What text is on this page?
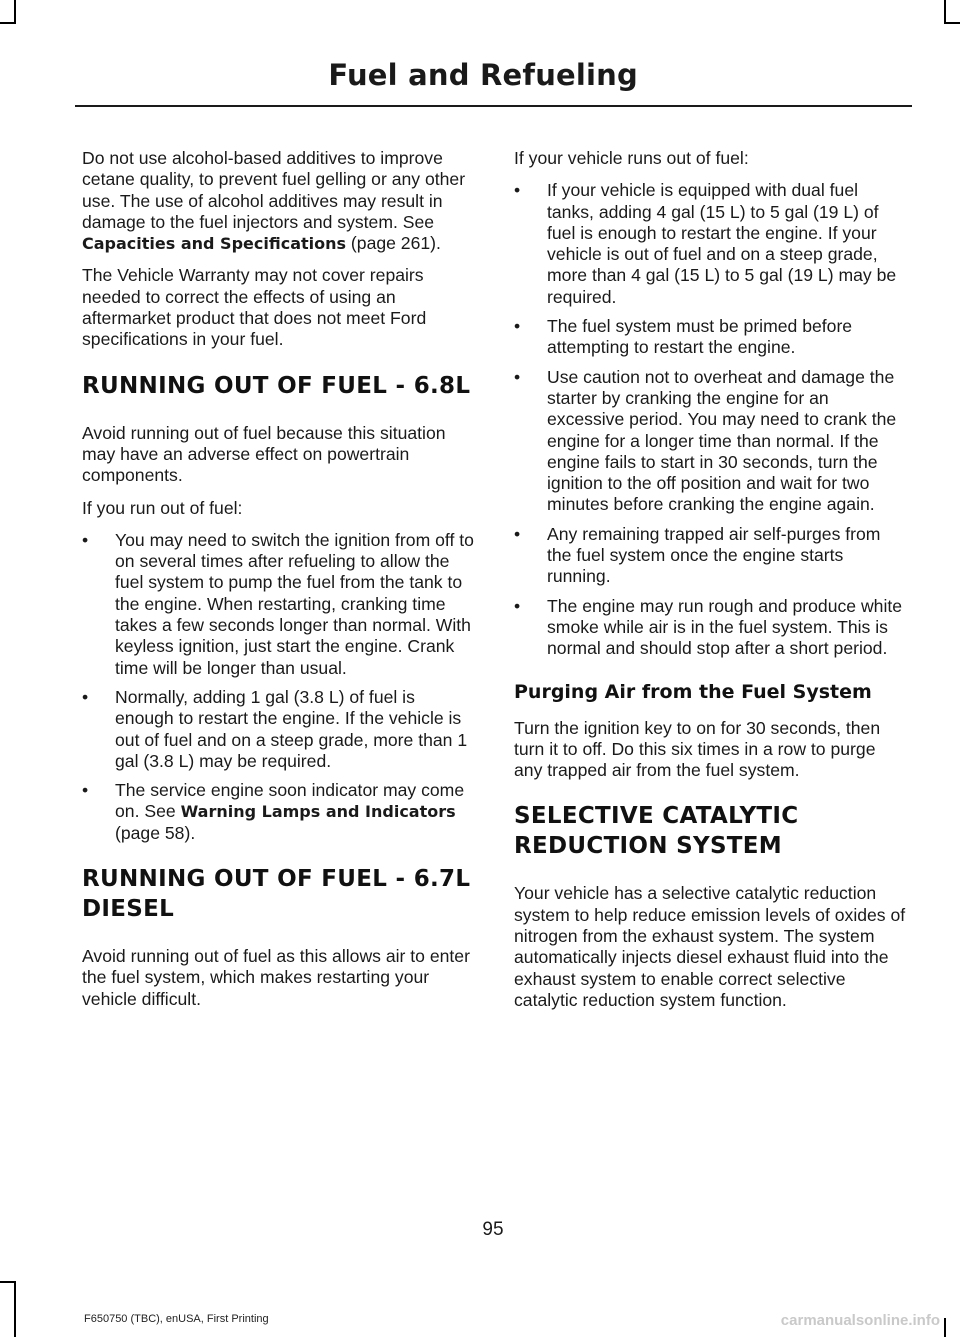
Fuel and Refueling

Do not use alcohol-based additives to improve cetane quality, to prevent fuel gelling or any other use. The use of alcohol additives may result in damage to the fuel injectors and system. See Capacities and Specifications (page 261).

The Vehicle Warranty may not cover repairs needed to correct the effects of using an aftermarket product that does not meet Ford specifications in your fuel.

RUNNING OUT OF FUEL - 6.8L

Avoid running out of fuel because this situation may have an adverse effect on powertrain components.

If you run out of fuel:

• You may need to switch the ignition from off to on several times after refueling to allow the fuel system to pump the fuel from the tank to the engine. When restarting, cranking time takes a few seconds longer than normal. With keyless ignition, just start the engine. Crank time will be longer than usual.
• Normally, adding 1 gal (3.8 L) of fuel is enough to restart the engine. If the vehicle is out of fuel and on a steep grade, more than 1 gal (3.8 L) may be required.
• The service engine soon indicator may come on. See Warning Lamps and Indicators (page 58).
RUNNING OUT OF FUEL - 6.7L
DIESEL

Avoid running out of fuel as this allows air to enter the fuel system, which makes restarting your vehicle difficult.

If your vehicle runs out of fuel:

• If your vehicle is equipped with dual fuel tanks, adding 4 gal (15 L) to 5 gal (19 L) of fuel is enough to restart the engine. If your vehicle is out of fuel and on a steep grade, more than 4 gal (15 L) to 5 gal (19 L) may be required.
• The fuel system must be primed before attempting to restart the engine.
• Use caution not to overheat and damage the starter by cranking the engine for an excessive period. You may need to crank the engine for a longer time than normal. If the engine fails to start in 30 seconds, turn the ignition to the off position and wait for two minutes before cranking the engine again.
• Any remaining trapped air self-purges from the fuel system once the engine starts running.
• The engine may run rough and produce white smoke while air is in the fuel system. This is normal and should stop after a short period.
Purging Air from the Fuel System

Turn the ignition key to on for 30 seconds, then turn it to off. Do this six times in a row to purge any trapped air from the fuel system.

SELECTIVE CATALYTIC
REDUCTION SYSTEM

Your vehicle has a selective catalytic reduction system to help reduce emission levels of oxides of nitrogen from the exhaust system. The system automatically injects diesel exhaust fluid into the exhaust system to enable correct selective catalytic reduction system function.

95
F650750 (TBC), enUSA, First Printing	carmanualsonline.info
